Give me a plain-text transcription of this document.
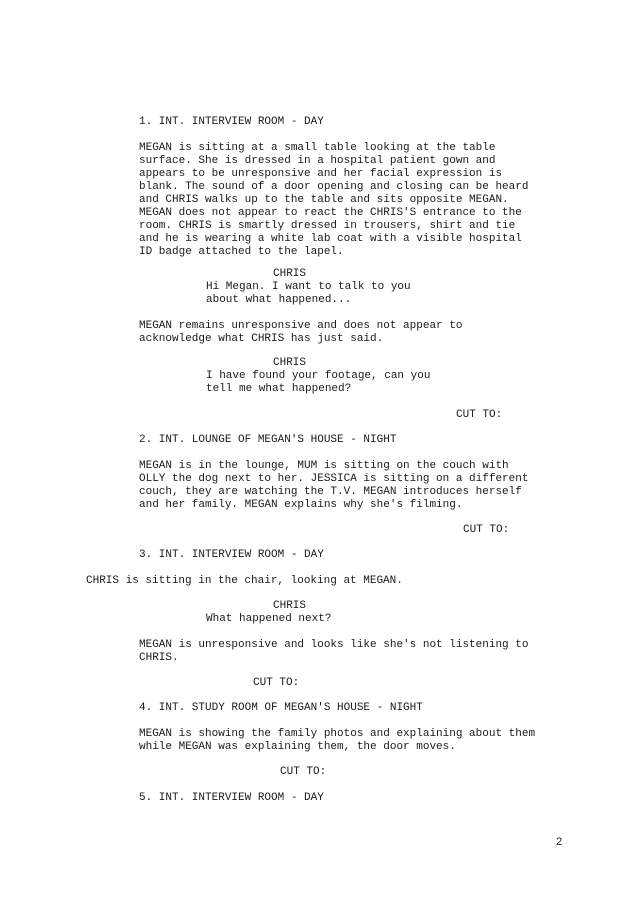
1. INT. INTERVIEW ROOM - DAY

MEGAN is sitting at a small table looking at the table

surface. She is dressed in a hospital patient gown and

appears to be unresponsive and her facial expression is

blank. The sound of a door opening and closing can be heard

and CHRIS walks up to the table and sits opposite MEGAN.

MEGAN does not appear to react the CHRIS'S entrance to the

room. CHRIS is smartly dressed in trousers, shirt and tie

and he is wearing a white lab coat with a visible hospital

ID badge attached to the lapel.

CHRIS

Hi Megan. I want to talk to you

about what happened...

MEGAN remains unresponsive and does not appear to

acknowledge what CHRIS has just said.

CHRIS

I have found your footage, can you

tell me what happened?

CUT TO:

2. INT. LOUNGE OF MEGAN'S HOUSE - NIGHT

MEGAN is in the lounge, MUM is sitting on the couch with

OLLY the dog next to her. JESSICA is sitting on a different

couch, they are watching the T.V. MEGAN introduces herself

and her family. MEGAN explains why she's filming.

CUT TO:

3. INT. INTERVIEW ROOM - DAY

CHRIS is sitting in the chair, looking at MEGAN.

CHRIS

What happened next?

MEGAN is unresponsive and looks like she's not listening to

CHRIS.

CUT TO:

4. INT. STUDY ROOM OF MEGAN'S HOUSE - NIGHT

MEGAN is showing the family photos and explaining about them

while MEGAN was explaining them, the door moves.

CUT TO:

5. INT. INTERVIEW ROOM - DAY

2
